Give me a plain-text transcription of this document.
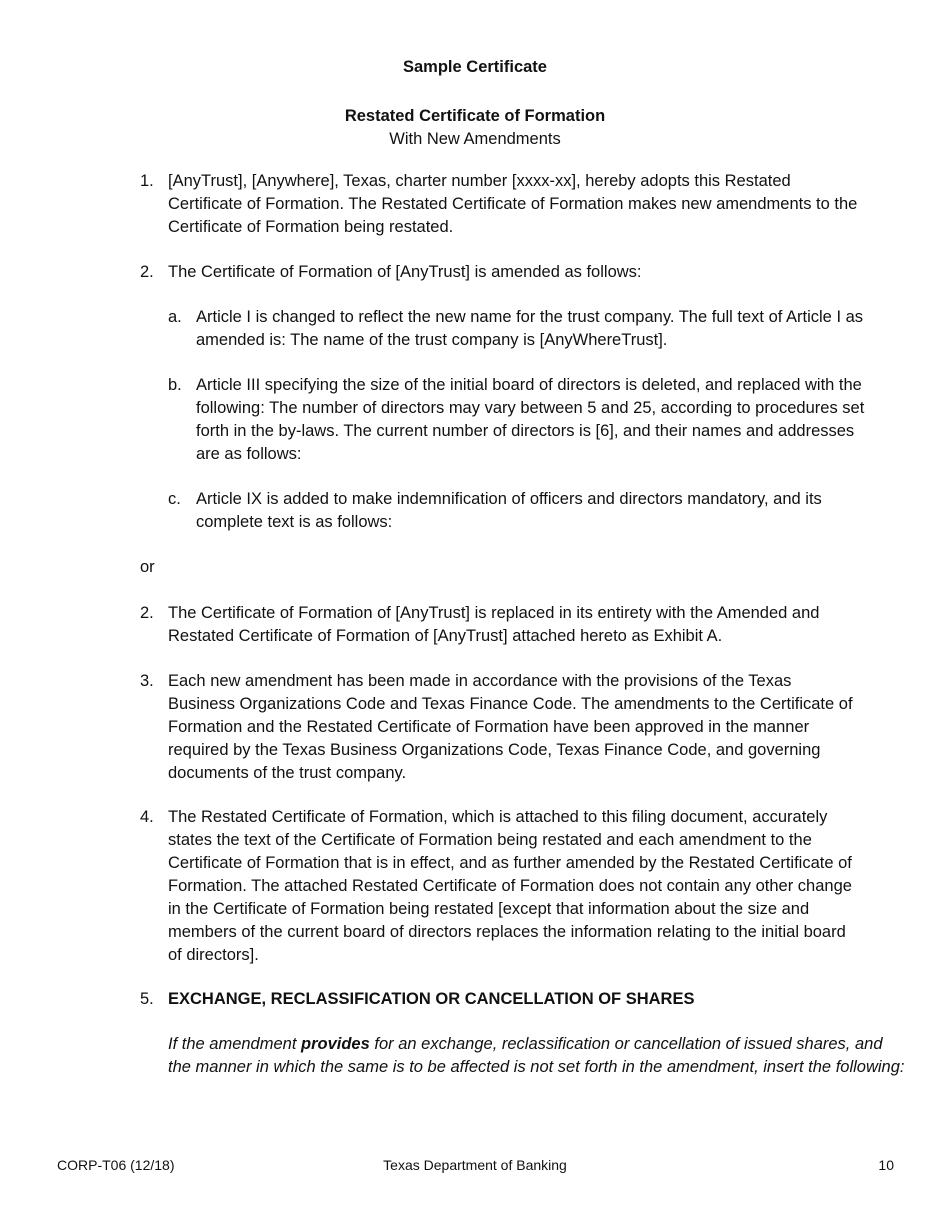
Sample Certificate
Restated Certificate of Formation
With New Amendments
1. [AnyTrust], [Anywhere], Texas, charter number [xxxx-xx], hereby adopts this Restated Certificate of Formation. The Restated Certificate of Formation makes new amendments to the Certificate of Formation being restated.
2. The Certificate of Formation of [AnyTrust] is amended as follows:
a. Article I is changed to reflect the new name for the trust company. The full text of Article I as amended is: The name of the trust company is [AnyWhereTrust].
b. Article III specifying the size of the initial board of directors is deleted, and replaced with the following: The number of directors may vary between 5 and 25, according to procedures set forth in the by-laws. The current number of directors is [6], and their names and addresses are as follows:
c. Article IX is added to make indemnification of officers and directors mandatory, and its complete text is as follows:
or
2. The Certificate of Formation of [AnyTrust] is replaced in its entirety with the Amended and Restated Certificate of Formation of [AnyTrust] attached hereto as Exhibit A.
3. Each new amendment has been made in accordance with the provisions of the Texas Business Organizations Code and Texas Finance Code. The amendments to the Certificate of Formation and the Restated Certificate of Formation have been approved in the manner required by the Texas Business Organizations Code, Texas Finance Code, and governing documents of the trust company.
4. The Restated Certificate of Formation, which is attached to this filing document, accurately states the text of the Certificate of Formation being restated and each amendment to the Certificate of Formation that is in effect, and as further amended by the Restated Certificate of Formation. The attached Restated Certificate of Formation does not contain any other change in the Certificate of Formation being restated [except that information about the size and members of the current board of directors replaces the information relating to the initial board of directors].
5. EXCHANGE, RECLASSIFICATION OR CANCELLATION OF SHARES
If the amendment provides for an exchange, reclassification or cancellation of issued shares, and the manner in which the same is to be affected is not set forth in the amendment, insert the following:
CORP-T06 (12/18)	Texas Department of Banking	10
